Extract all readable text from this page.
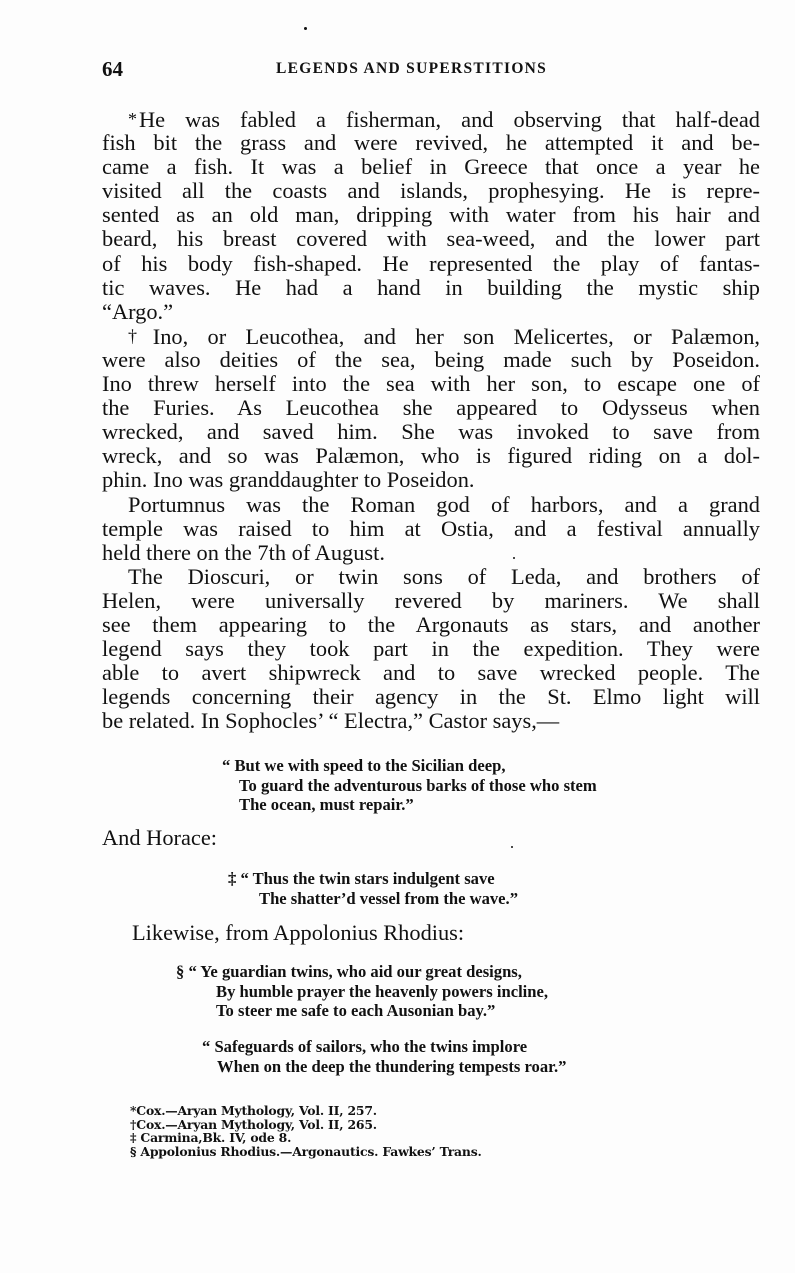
64	LEGENDS AND SUPERSTITIONS
*He was fabled a fisherman, and observing that half-dead
fish bit the grass and were revived, he attempted it and be-
came a fish. It was a belief in Greece that once a year he
visited all the coasts and islands, prophesying. He is repre-
sented as an old man, dripping with water from his hair and
beard, his breast covered with sea-weed, and the lower part
of his body fish-shaped. He represented the play of fantas-
tic waves. He had a hand in building the mystic ship
“Argo.”
†Ino, or Leucothea, and her son Melicertes, or Palæmon,
were also deities of the sea, being made such by Poseidon.
Ino threw herself into the sea with her son, to escape one of
the Furies. As Leucothea she appeared to Odysseus when
wrecked, and saved him. She was invoked to save from
wreck, and so was Palæmon, who is figured riding on a dol-
phin. Ino was granddaughter to Poseidon.
Portumnus was the Roman god of harbors, and a grand
temple was raised to him at Ostia, and a festival annually
held there on the 7th of August.
The Dioscuri, or twin sons of Leda, and brothers of
Helen, were universally revered by mariners. We shall
see them appearing to the Argonauts as stars, and another
legend says they took part in the expedition. They were
able to avert shipwreck and to save wrecked people. The
legends concerning their agency in the St. Elmo light will
be related. In Sophocles’ “ Electra,” Castor says,—
“ But we with speed to the Sicilian deep,
To guard the adventurous barks of those who stem
The ocean, must repair.”
And Horace:
‡ “ Thus the twin stars indulgent save
The shatter’d vessel from the wave.”
Likewise, from Appolonius Rhodius:
§ “ Ye guardian twins, who aid our great designs,
By humble prayer the heavenly powers incline,
To steer me safe to each Ausonian bay.”
“ Safeguards of sailors, who the twins implore
When on the deep the thundering tempests roar.”
*Cox.—Aryan Mythology, Vol. II, 257.
†Cox.—Aryan Mythology, Vol. II, 265.
‡ Carmina,Bk. IV, ode 8.
§ Appolonius Rhodius.—Argonautics. Fawkes’ Trans.
